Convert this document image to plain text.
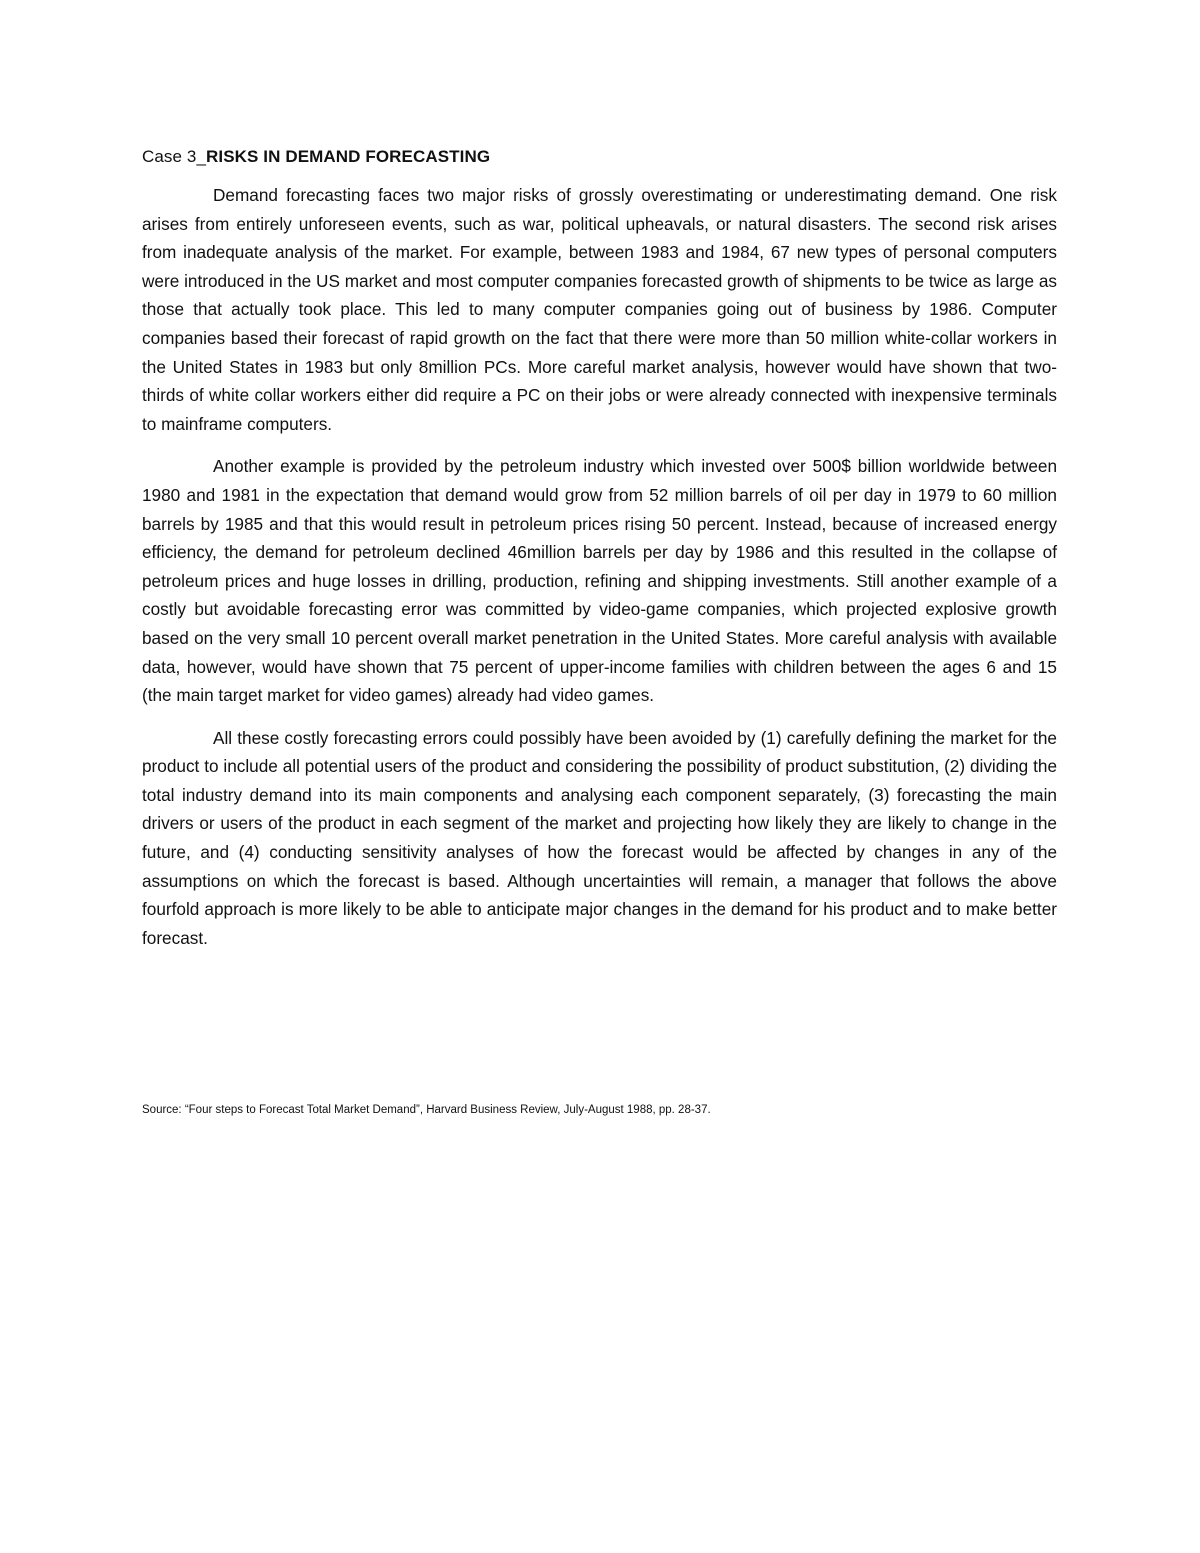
Case 3_RISKS IN DEMAND FORECASTING

Demand forecasting faces two major risks of grossly overestimating or underestimating demand. One risk arises from entirely unforeseen events, such as war, political upheavals, or natural disasters. The second risk arises from inadequate analysis of the market. For example, between 1983 and 1984, 67 new types of personal computers were introduced in the US market and most computer companies forecasted growth of shipments to be twice as large as those that actually took place. This led to many computer companies going out of business by 1986. Computer companies based their forecast of rapid growth on the fact that there were more than 50 million white-collar workers in the United States in 1983 but only 8million PCs. More careful market analysis, however would have shown that two-thirds of white collar workers either did require a PC on their jobs or were already connected with inexpensive terminals to mainframe computers.

Another example is provided by the petroleum industry which invested over 500$ billion worldwide between 1980 and 1981 in the expectation that demand would grow from 52 million barrels of oil per day in 1979 to 60 million barrels by 1985 and that this would result in petroleum prices rising 50 percent. Instead, because of increased energy efficiency, the demand for petroleum declined 46million barrels per day by 1986 and this resulted in the collapse of petroleum prices and huge losses in drilling, production, refining and shipping investments. Still another example of a costly but avoidable forecasting error was committed by video-game companies, which projected explosive growth based on the very small 10 percent overall market penetration in the United States. More careful analysis with available data, however, would have shown that 75 percent of upper-income families with children between the ages 6 and 15 (the main target market for video games) already had video games.

All these costly forecasting errors could possibly have been avoided by (1) carefully defining the market for the product to include all potential users of the product and considering the possibility of product substitution, (2) dividing the total industry demand into its main components and analysing each component separately, (3) forecasting the main drivers or users of the product in each segment of the market and projecting how likely they are likely to change in the future, and (4) conducting sensitivity analyses of how the forecast would be affected by changes in any of the assumptions on which the forecast is based. Although uncertainties will remain, a manager that follows the above fourfold approach is more likely to be able to anticipate major changes in the demand for his product and to make better forecast.

Source: “Four steps to Forecast Total Market Demand”, Harvard Business Review, July-August 1988, pp. 28-37.
